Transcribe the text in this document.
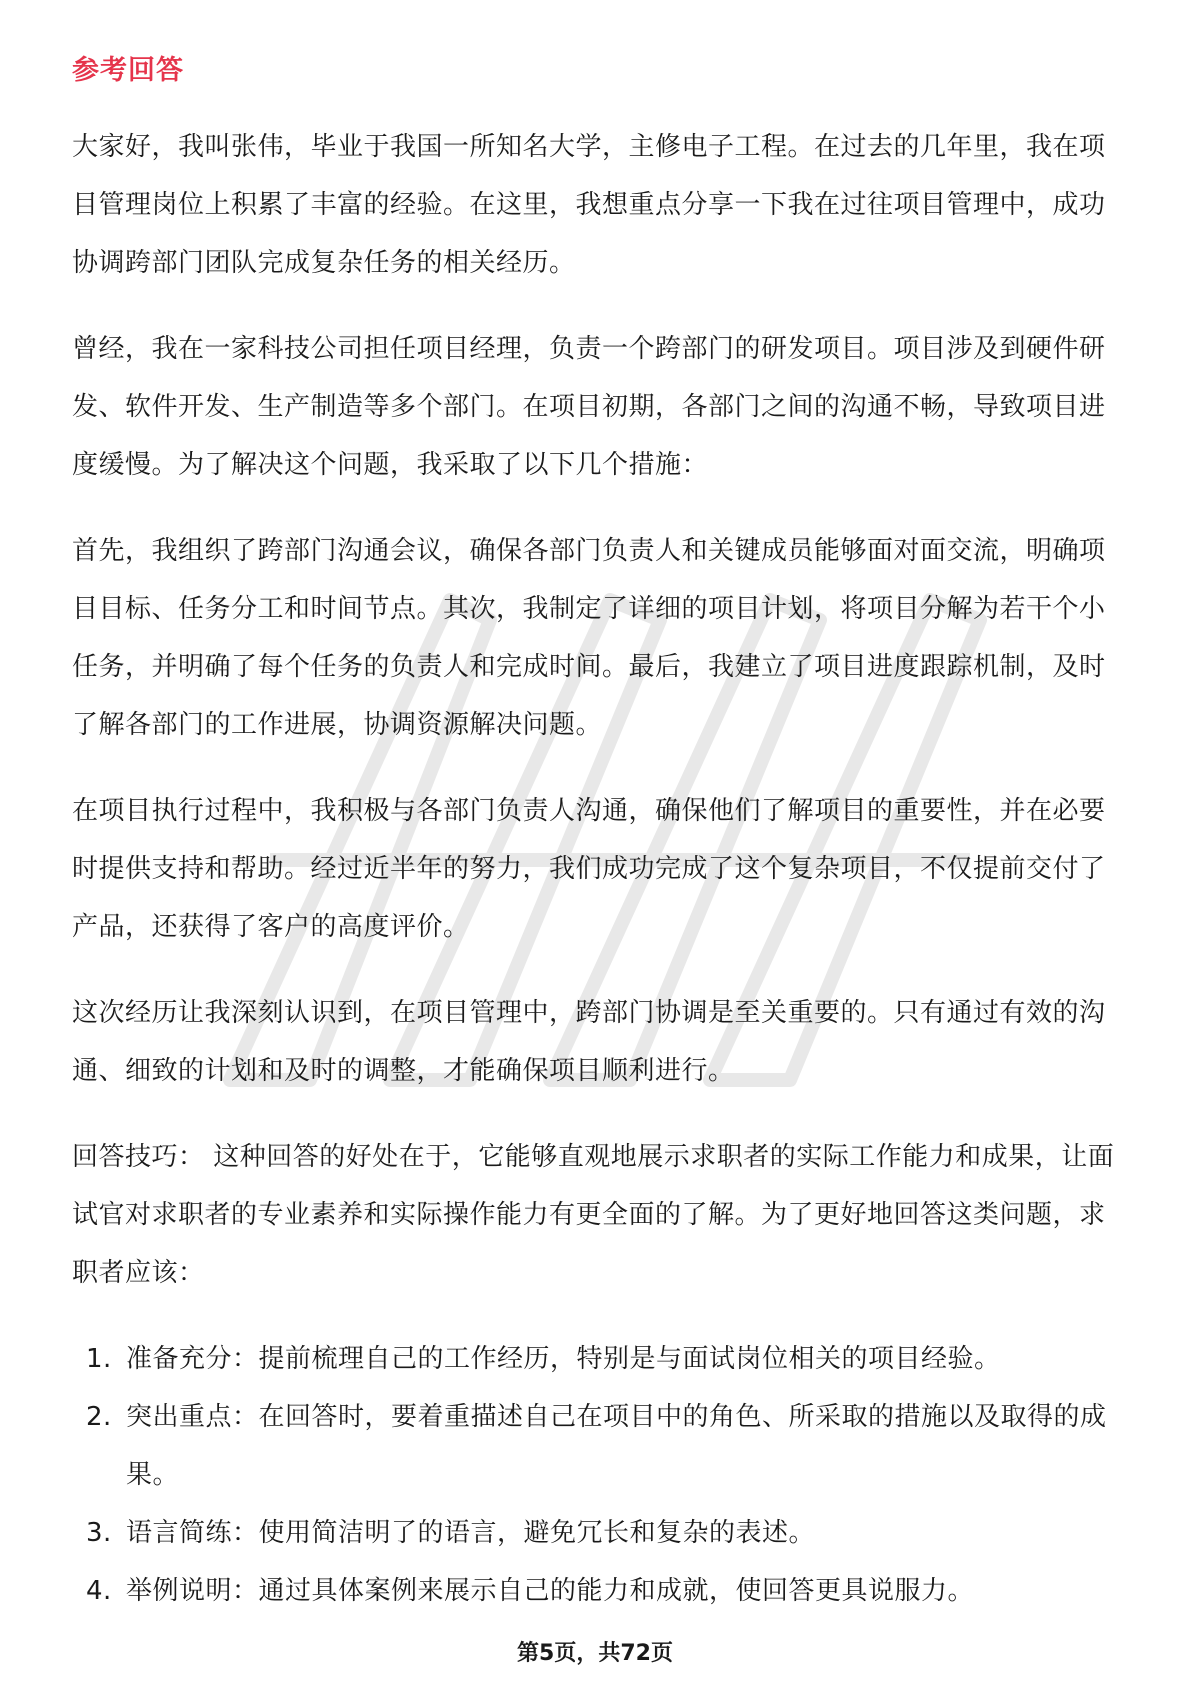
参考回答

大家好，我叫张伟，毕业于我国一所知名大学，主修电子工程。在过去的几年里，我在项目管理岗位上积累了丰富的经验。在这里，我想重点分享一下我在过往项目管理中，成功协调跨部门团队完成复杂任务的相关经历。

曾经，我在一家科技公司担任项目经理，负责一个跨部门的研发项目。项目涉及到硬件研发、软件开发、生产制造等多个部门。在项目初期，各部门之间的沟通不畅，导致项目进度缓慢。为了解决这个问题，我采取了以下几个措施：

首先，我组织了跨部门沟通会议，确保各部门负责人和关键成员能够面对面交流，明确项目目标、任务分工和时间节点。其次，我制定了详细的项目计划，将项目分解为若干个小任务，并明确了每个任务的负责人和完成时间。最后，我建立了项目进度跟踪机制，及时了解各部门的工作进展，协调资源解决问题。

在项目执行过程中，我积极与各部门负责人沟通，确保他们了解项目的重要性，并在必要时提供支持和帮助。经过近半年的努力，我们成功完成了这个复杂项目，不仅提前交付了产品，还获得了客户的高度评价。

这次经历让我深刻认识到，在项目管理中，跨部门协调是至关重要的。只有通过有效的沟通、细致的计划和及时的调整，才能确保项目顺利进行。

回答技巧： 这种回答的好处在于，它能够直观地展示求职者的实际工作能力和成果，让面试官对求职者的专业素养和实际操作能力有更全面的了解。为了更好地回答这类问题，求职者应该：

1. 准备充分：提前梳理自己的工作经历，特别是与面试岗位相关的项目经验。
2. 突出重点：在回答时，要着重描述自己在项目中的角色、所采取的措施以及取得的成果。
3. 语言简练：使用简洁明了的语言，避免冗长和复杂的表述。
4. 举例说明：通过具体案例来展示自己的能力和成就，使回答更具说服力。
第5页，共72页
